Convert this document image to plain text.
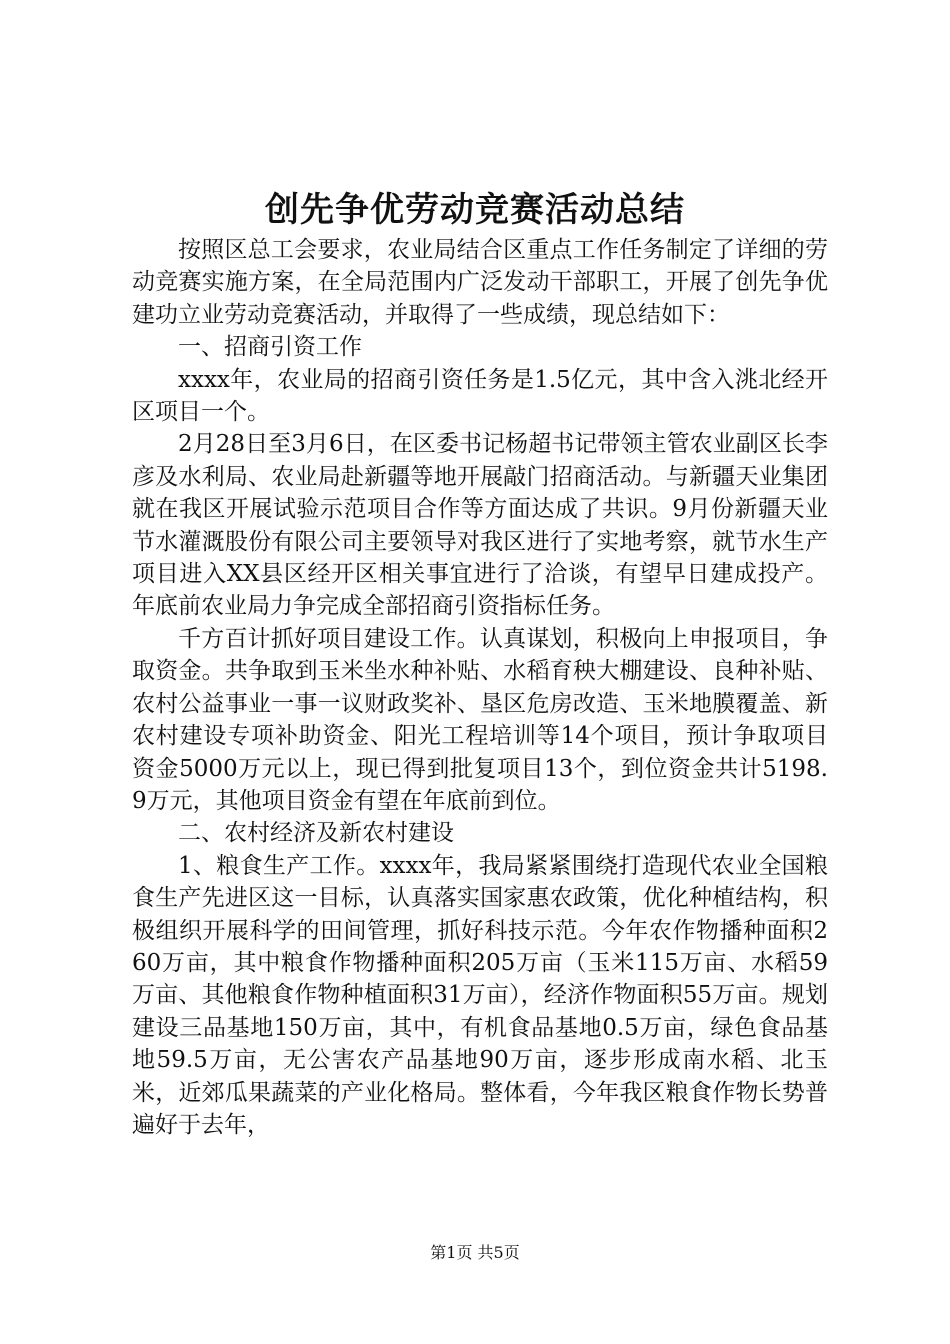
创先争优劳动竞赛活动总结

按照区总工会要求，农业局结合区重点工作任务制定了详细的劳动竞赛实施方案，在全局范围内广泛发动干部职工，开展了创先争优建功立业劳动竞赛活动，并取得了一些成绩，现总结如下：

一、招商引资工作

xxxx年，农业局的招商引资任务是1.5亿元，其中含入洮北经开区项目一个。

2月28日至3月6日，在区委书记杨超书记带领主管农业副区长李彦及水利局、农业局赴新疆等地开展敲门招商活动。与新疆天业集团就在我区开展试验示范项目合作等方面达成了共识。9月份新疆天业节水灌溉股份有限公司主要领导对我区进行了实地考察，就节水生产项目进入XX县区经开区相关事宜进行了洽谈，有望早日建成投产。年底前农业局力争完成全部招商引资指标任务。

千方百计抓好项目建设工作。认真谋划，积极向上申报项目，争取资金。共争取到玉米坐水种补贴、水稻育秧大棚建设、良种补贴、农村公益事业一事一议财政奖补、垦区危房改造、玉米地膜覆盖、新农村建设专项补助资金、阳光工程培训等14个项目，预计争取项目资金5000万元以上，现已得到批复项目13个，到位资金共计5198.9万元，其他项目资金有望在年底前到位。

二、农村经济及新农村建设

1、粮食生产工作。xxxx年，我局紧紧围绕打造现代农业全国粮食生产先进区这一目标，认真落实国家惠农政策，优化种植结构，积极组织开展科学的田间管理，抓好科技示范。今年农作物播种面积260万亩，其中粮食作物播种面积205万亩（玉米115万亩、水稻59万亩、其他粮食作物种植面积31万亩），经济作物面积55万亩。规划建设三品基地150万亩，其中，有机食品基地0.5万亩，绿色食品基地59.5万亩，无公害农产品基地90万亩，逐步形成南水稻、北玉米，近郊瓜果蔬菜的产业化格局。整体看，今年我区粮食作物长势普遍好于去年，

第1页 共5页
